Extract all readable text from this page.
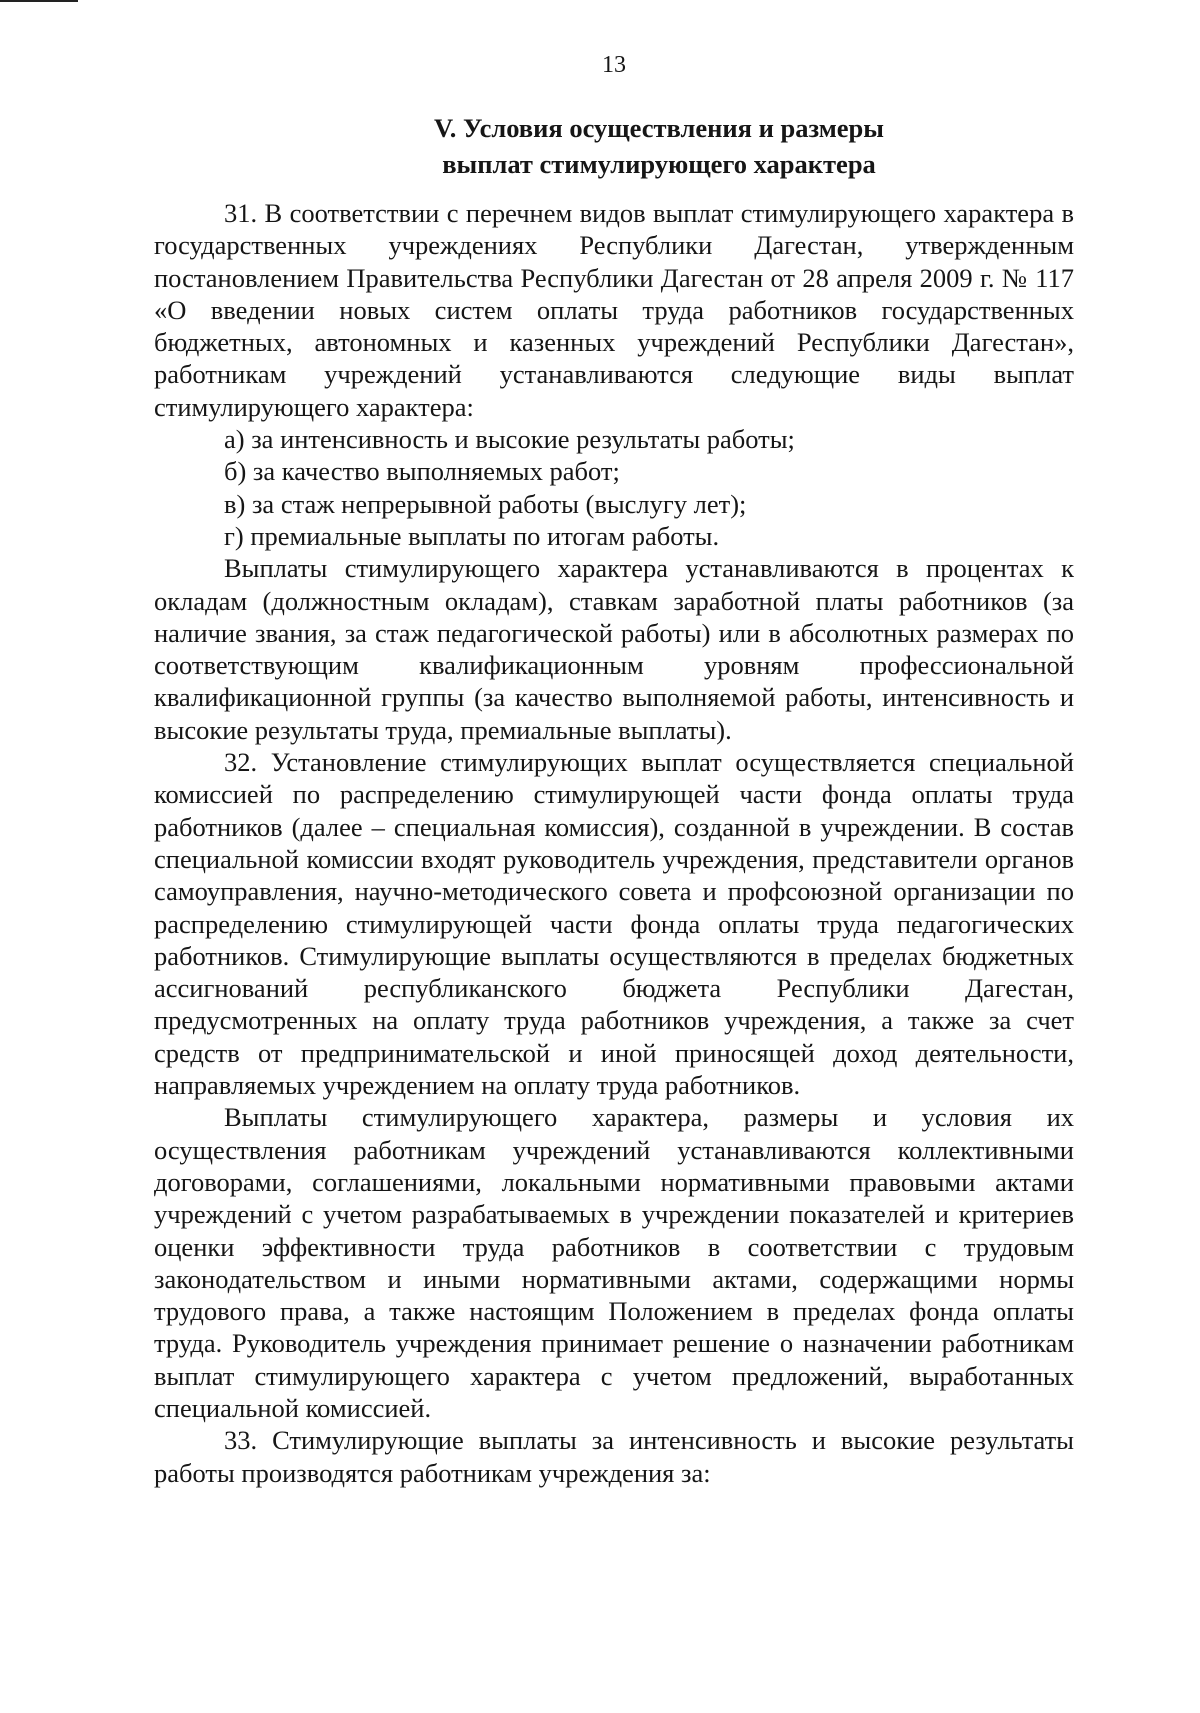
13
V. Условия осуществления и размеры
выплат стимулирующего характера

31. В соответствии с перечнем видов выплат стимулирующего характера в государственных учреждениях Республики Дагестан, утвержденным постановлением Правительства Республики Дагестан от 28 апреля 2009 г. № 117 «О введении новых систем оплаты труда работников государственных бюджетных, автономных и казенных учреждений Республики Дагестан», работникам учреждений устанавливаются следующие виды выплат стимулирующего характера:

а) за интенсивность и высокие результаты работы;

б) за качество выполняемых работ;

в) за стаж непрерывной работы (выслугу лет);

г) премиальные выплаты по итогам работы.

Выплаты стимулирующего характера устанавливаются в процентах к окладам (должностным окладам), ставкам заработной платы работников (за наличие звания, за стаж педагогической работы) или в абсолютных размерах по соответствующим квалификационным уровням профессиональной квалификационной группы (за качество выполняемой работы, интенсивность и высокие результаты труда, премиальные выплаты).

32. Установление стимулирующих выплат осуществляется специальной комиссией по распределению стимулирующей части фонда оплаты труда работников (далее – специальная комиссия), созданной в учреждении. В состав специальной комиссии входят руководитель учреждения, представители органов самоуправления, научно-методического совета и профсоюзной организации по распределению стимулирующей части фонда оплаты труда педагогических работников. Стимулирующие выплаты осуществляются в пределах бюджетных ассигнований республиканского бюджета Республики Дагестан, предусмотренных на оплату труда работников учреждения, а также за счет средств от предпринимательской и иной приносящей доход деятельности, направляемых учреждением на оплату труда работников.

Выплаты стимулирующего характера, размеры и условия их осуществления работникам учреждений устанавливаются коллективными договорами, соглашениями, локальными нормативными правовыми актами учреждений с учетом разрабатываемых в учреждении показателей и критериев оценки эффективности труда работников в соответствии с трудовым законодательством и иными нормативными актами, содержащими нормы трудового права, а также настоящим Положением в пределах фонда оплаты труда. Руководитель учреждения принимает решение о назначении работникам выплат стимулирующего характера с учетом предложений, выработанных специальной комиссией.

33. Стимулирующие выплаты за интенсивность и высокие результаты работы производятся работникам учреждения за:
